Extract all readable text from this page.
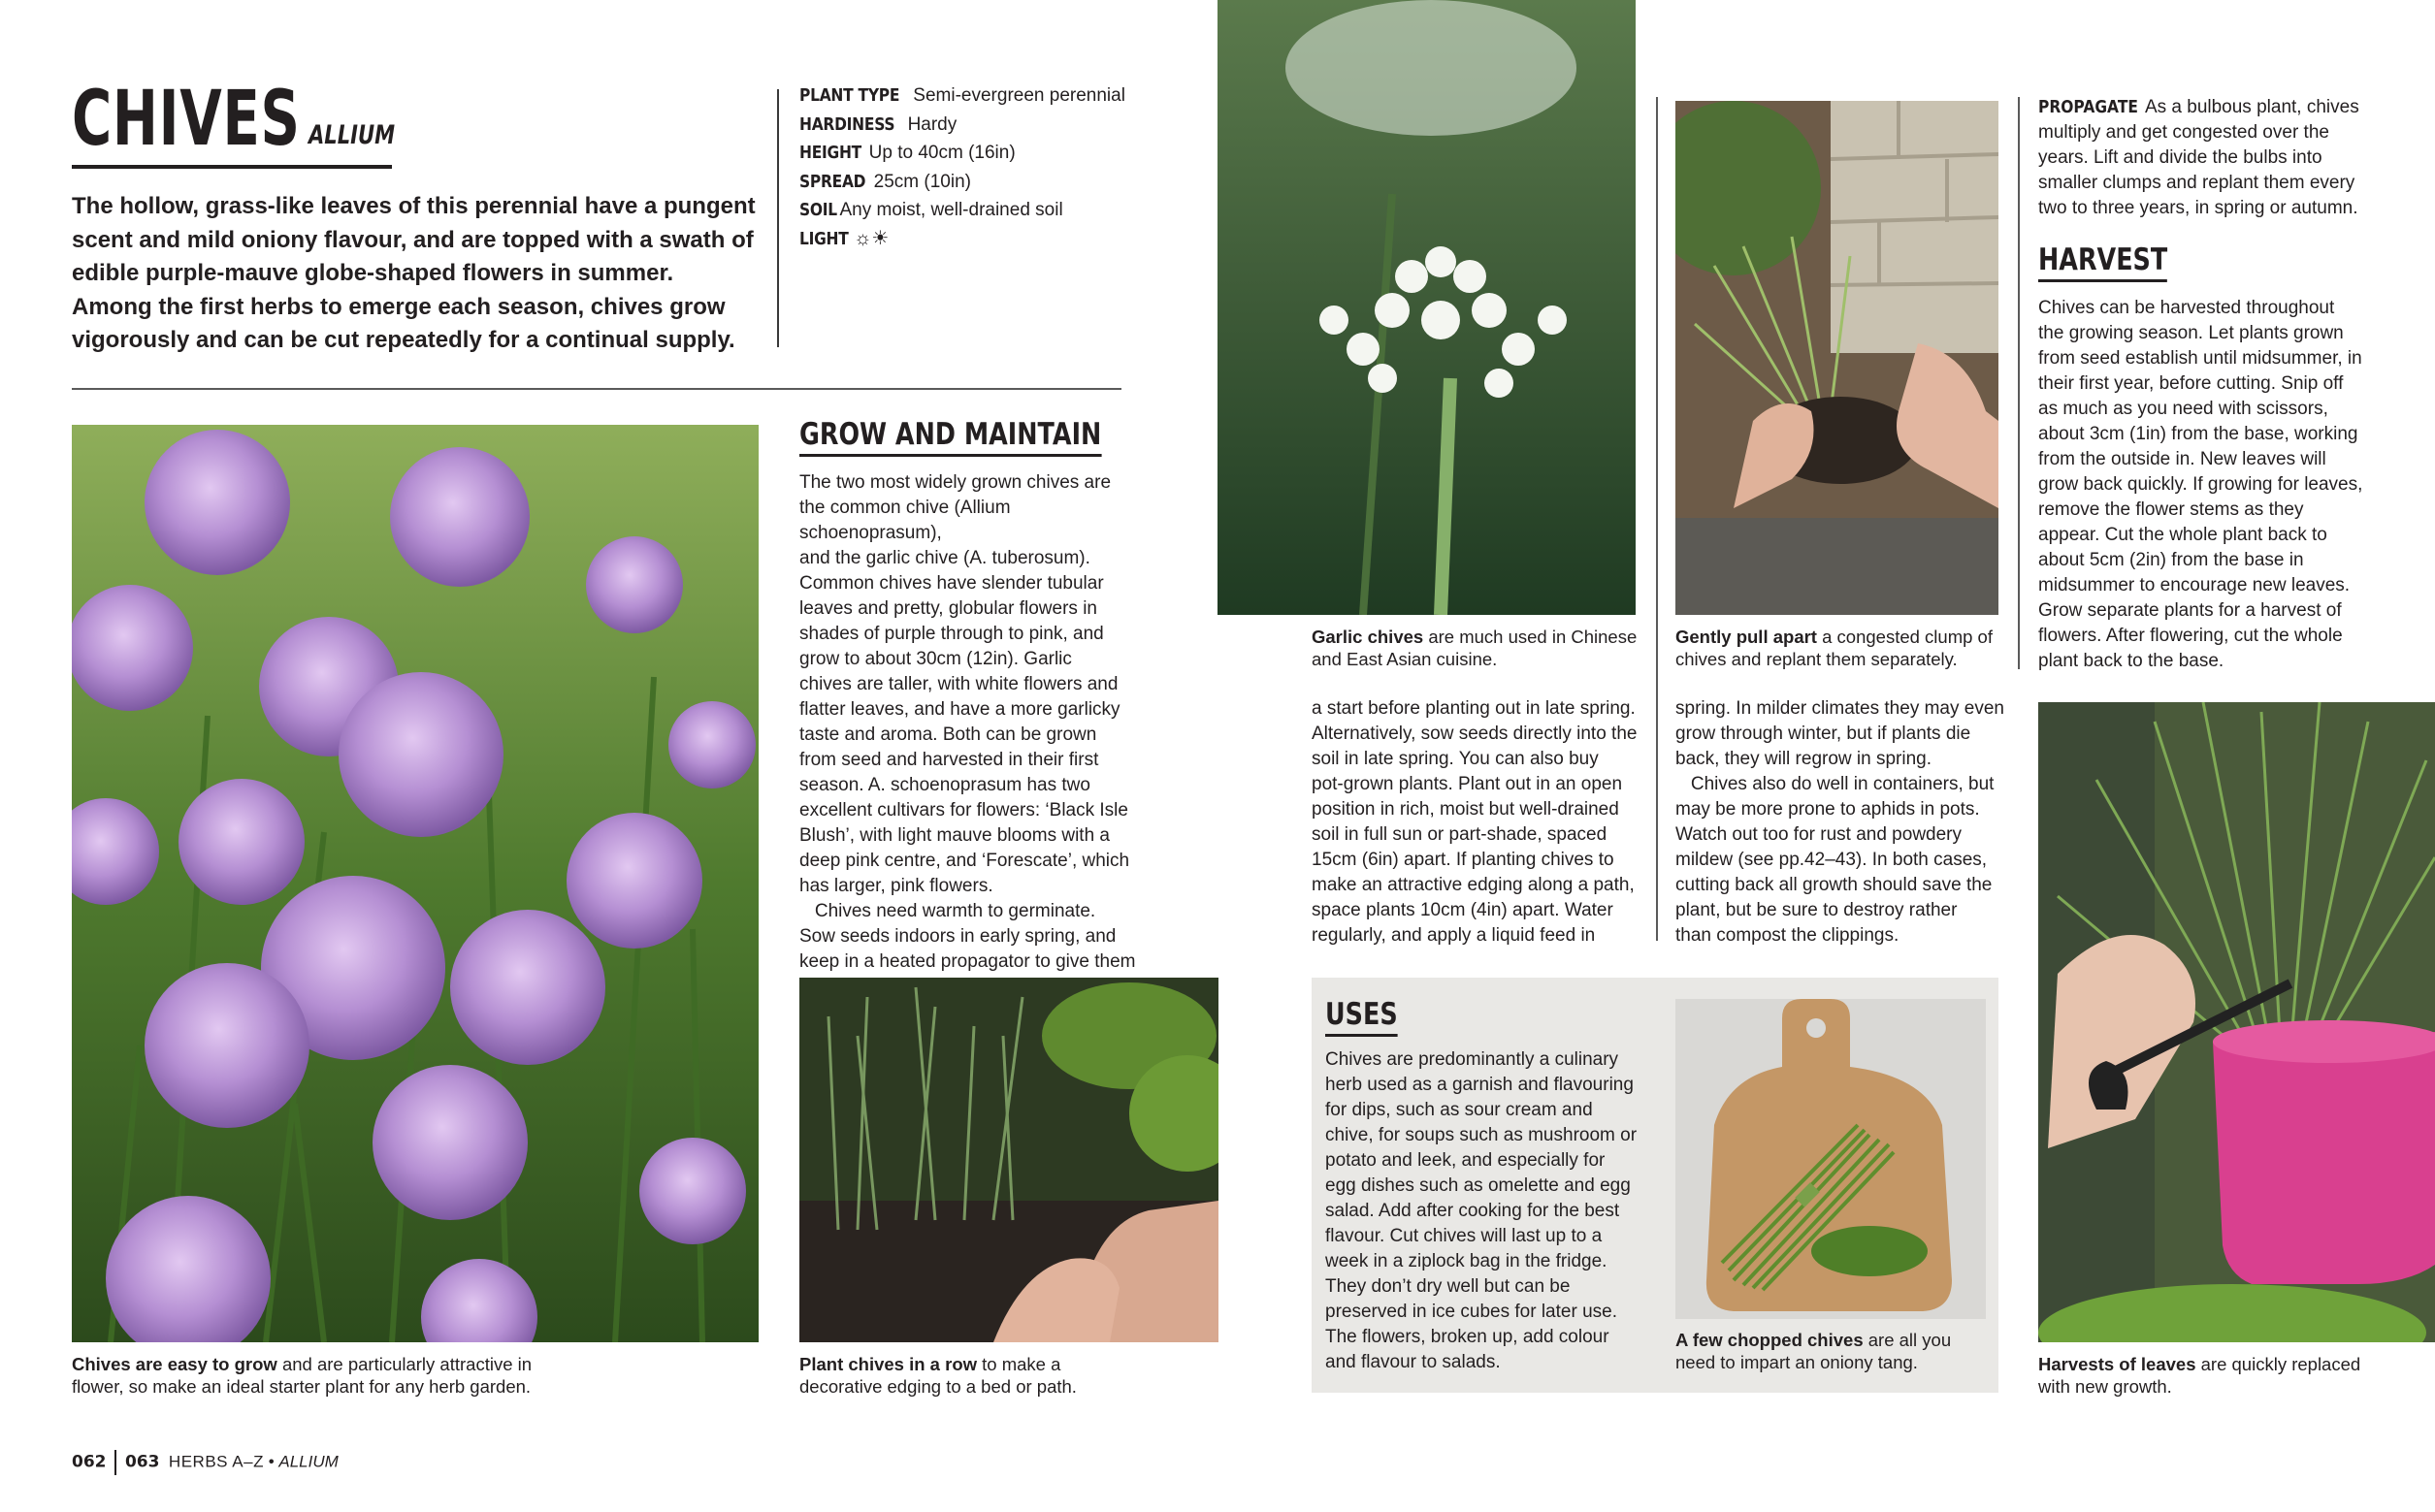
CHIVES ALLIUM
The hollow, grass-like leaves of this perennial have a pungent scent and mild oniony flavour, and are topped with a swath of edible purple-mauve globe-shaped flowers in summer. Among the first herbs to emerge each season, chives grow vigorously and can be cut repeatedly for a continual supply.
PLANT TYPE Semi-evergreen perennial
HARDINESS Hardy
HEIGHT Up to 40cm (16in)
SPREAD 25cm (10in)
SOIL Any moist, well-drained soil
LIGHT ☼☀
Chives are easy to grow and are particularly attractive in
flower, so make an ideal starter plant for any herb garden.
GROW AND MAINTAIN

The two most widely grown chives are
the common chive (Allium schoenoprasum),
and the garlic chive (A. tuberosum).
Common chives have slender tubular
leaves and pretty, globular flowers in
shades of purple through to pink, and
grow to about 30cm (12in). Garlic
chives are taller, with white flowers and
flatter leaves, and have a more garlicky
taste and aroma. Both can be grown
from seed and harvested in their first
season. A. schoenoprasum has two
excellent cultivars for flowers: ‘Black Isle
Blush’, with light mauve blooms with a
deep pink centre, and ‘Forescate’, which
has larger, pink flowers.

Chives need warmth to germinate.
Sow seeds indoors in early spring, and
keep in a heated propagator to give them

Plant chives in a row to make a
decorative edging to a bed or path.
Garlic chives are much used in Chinese
and East Asian cuisine.
Gently pull apart a congested clump of
chives and replant them separately.

a start before planting out in late spring.
Alternatively, sow seeds directly into the
soil in late spring. You can also buy
pot-grown plants. Plant out in an open
position in rich, moist but well-drained
soil in full sun or part-shade, spaced
15cm (6in) apart. If planting chives to
make an attractive edging along a path,
space plants 10cm (4in) apart. Water
regularly, and apply a liquid feed in

spring. In milder climates they may even
grow through winter, but if plants die
back, they will regrow in spring.

Chives also do well in containers, but
may be more prone to aphids in pots.
Watch out too for rust and powdery
mildew (see pp.42–43). In both cases,
cutting back all growth should save the
plant, but be sure to destroy rather
than compost the clippings.

USES
Chives are predominantly a culinary
herb used as a garnish and flavouring
for dips, such as sour cream and
chive, for soups such as mushroom or
potato and leek, and especially for
egg dishes such as omelette and egg
salad. Add after cooking for the best
flavour. Cut chives will last up to a
week in a ziplock bag in the fridge.
They don’t dry well but can be
preserved in ice cubes for later use.
The flowers, broken up, add colour
and flavour to salads.
A few chopped chives are all you
need to impart an oniony tang.
PROPAGATE As a bulbous plant, chives
multiply and get congested over the
years. Lift and divide the bulbs into
smaller clumps and replant them every
two to three years, in spring or autumn.
HARVEST
Chives can be harvested throughout
the growing season. Let plants grown
from seed establish until midsummer, in
their first year, before cutting. Snip off
as much as you need with scissors,
about 3cm (1in) from the base, working
from the outside in. New leaves will
grow back quickly. If growing for leaves,
remove the flower stems as they
appear. Cut the whole plant back to
about 5cm (2in) from the base in
midsummer to encourage new leaves.
Grow separate plants for a harvest of
flowers. After flowering, cut the whole
plant back to the base.
Harvests of leaves are quickly replaced
with new growth.
062 063 HERBS A–Z • ALLIUM
